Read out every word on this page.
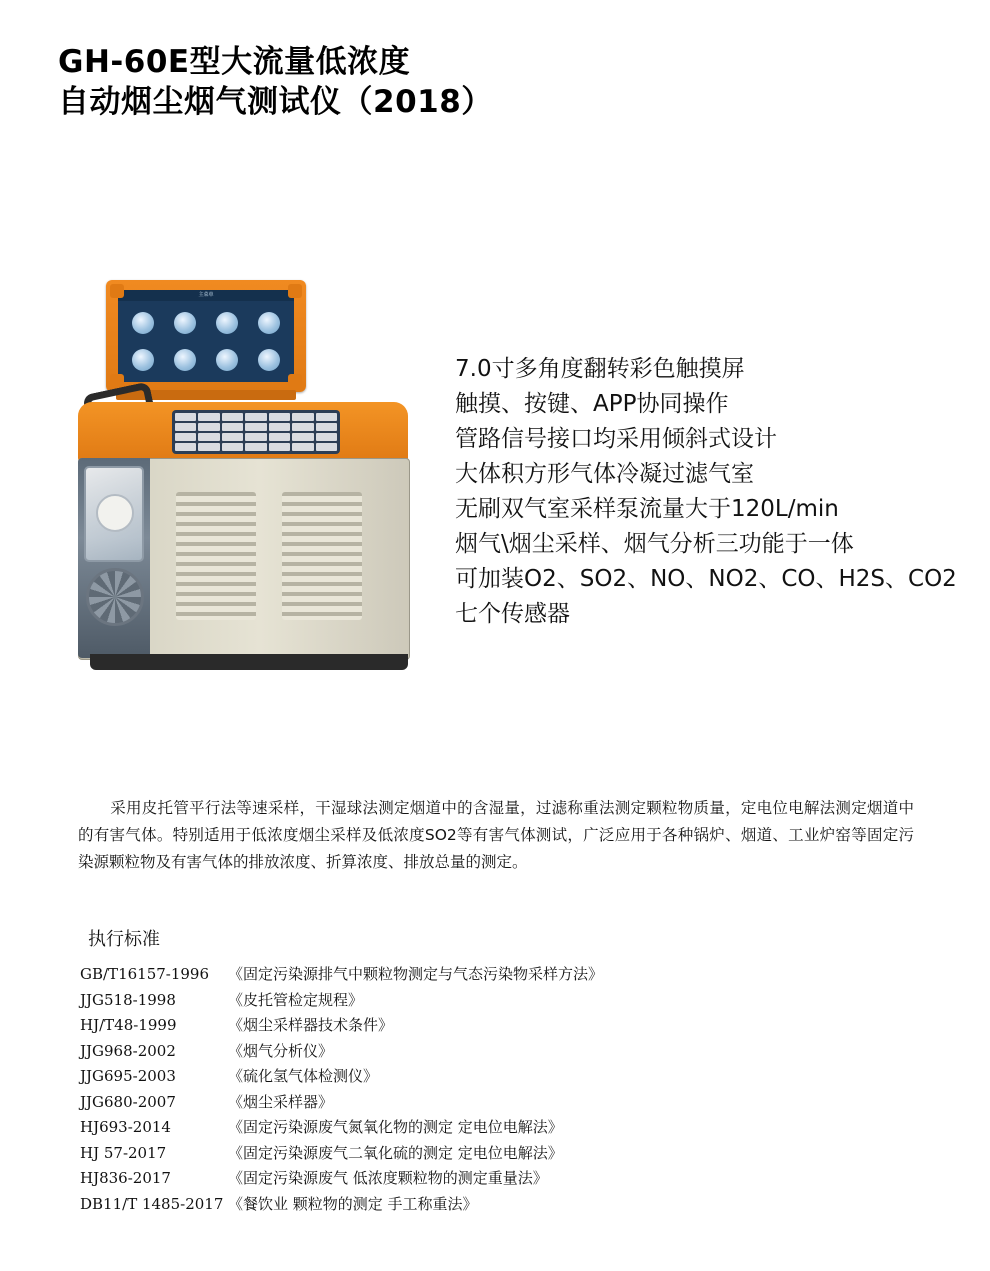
GH-60E型大流量低浓度
自动烟尘烟气测试仪（2018）
主菜单
7.0寸多角度翻转彩色触摸屏
触摸、按键、APP协同操作
管路信号接口均采用倾斜式设计
大体积方形气体冷凝过滤气室
无刷双气室采样泵流量大于120L/min
烟气\烟尘采样、烟气分析三功能于一体
可加装O2、SO2、NO、NO2、CO、H2S、CO2
七个传感器
采用皮托管平行法等速采样，干湿球法测定烟道中的含湿量，过滤称重法测定颗粒物质量，定电位电解法测定烟道中的有害气体。特别适用于低浓度烟尘采样及低浓度SO2等有害气体测试，广泛应用于各种锅炉、烟道、工业炉窑等固定污染源颗粒物及有害气体的排放浓度、折算浓度、排放总量的测定。
执行标准
GB/T16157-1996	《固定污染源排气中颗粒物测定与气态污染物采样方法》
JJG518-1998	《皮托管检定规程》
HJ/T48-1999	《烟尘采样器技术条件》
JJG968-2002	《烟气分析仪》
JJG695-2003	《硫化氢气体检测仪》
JJG680-2007	《烟尘采样器》
HJ693-2014	《固定污染源废气氮氧化物的测定 定电位电解法》
HJ 57-2017	《固定污染源废气二氧化硫的测定 定电位电解法》
HJ836-2017	《固定污染源废气 低浓度颗粒物的测定重量法》
DB11/T 1485-2017	《餐饮业 颗粒物的测定 手工称重法》
